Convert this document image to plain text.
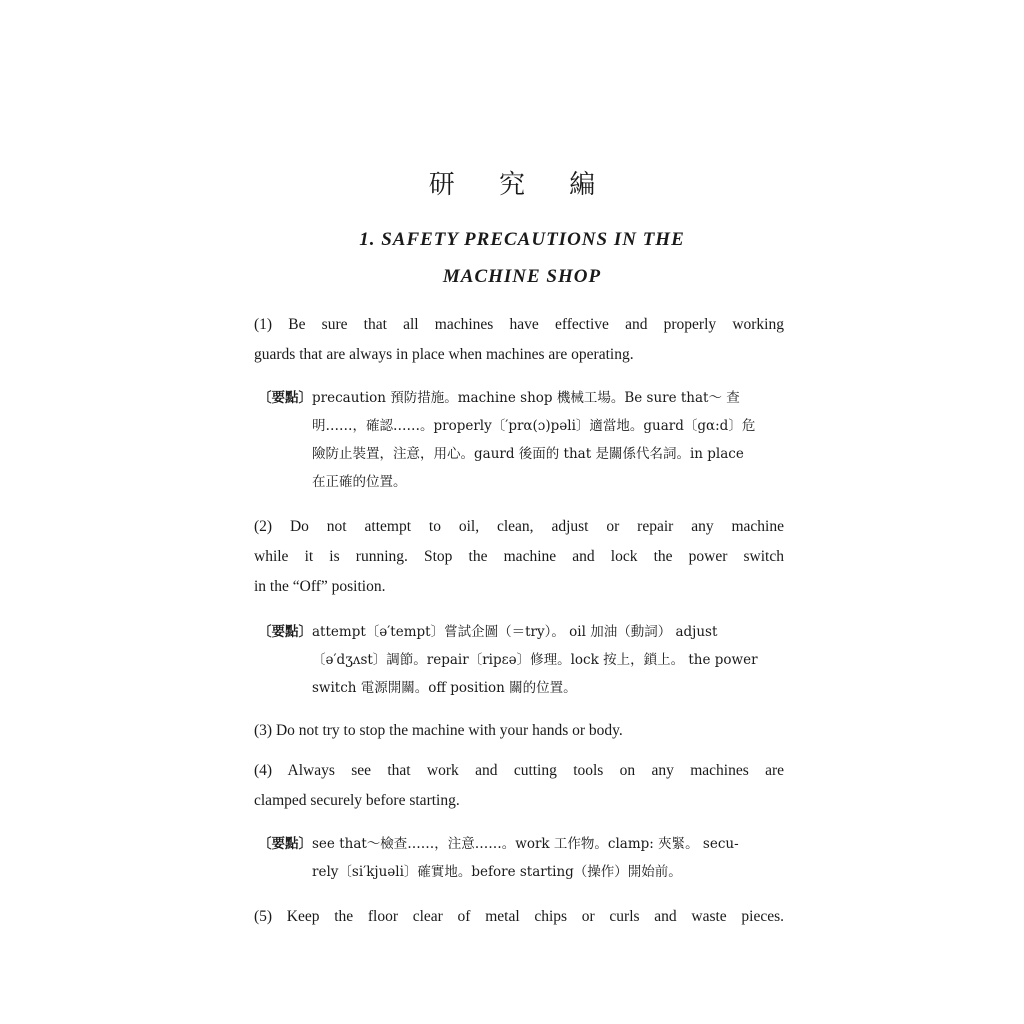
研 究 編
1. SAFETY PRECAUTIONS IN THE
MACHINE SHOP
(1) Be sure that all machines have effective and properly working
guards that are always in place when machines are operating.
〔要點〕precaution 預防措施。machine shop 機械工場。Be sure that～ 查
明……，確認……。properly〔′prα(ɔ)pəli〕適當地。guard〔gα:d〕危
險防止裝置，注意，用心。gaurd 後面的 that 是關係代名詞。in place
在正確的位置。
(2) Do not attempt to oil, clean, adjust or repair any machine
while it is running. Stop the machine and lock the power switch
in the “Off” position.
〔要點〕attempt〔ə′tempt〕嘗試企圖（＝try）。 oil 加油（動詞） adjust
〔ə′dʒʌst〕調節。repair〔ripɛə〕修理。lock 按上，鎖上。 the power
switch 電源開關。off position 關的位置。
(3) Do not try to stop the machine with your hands or body.
(4) Always see that work and cutting tools on any machines are
clamped securely before starting.
〔要點〕see that～檢查……，注意……。work 工作物。clamp: 夾緊。 secu-
rely〔si′kjuəli〕確實地。before starting（操作）開始前。
(5) Keep the floor clear of metal chips or curls and waste pieces.
